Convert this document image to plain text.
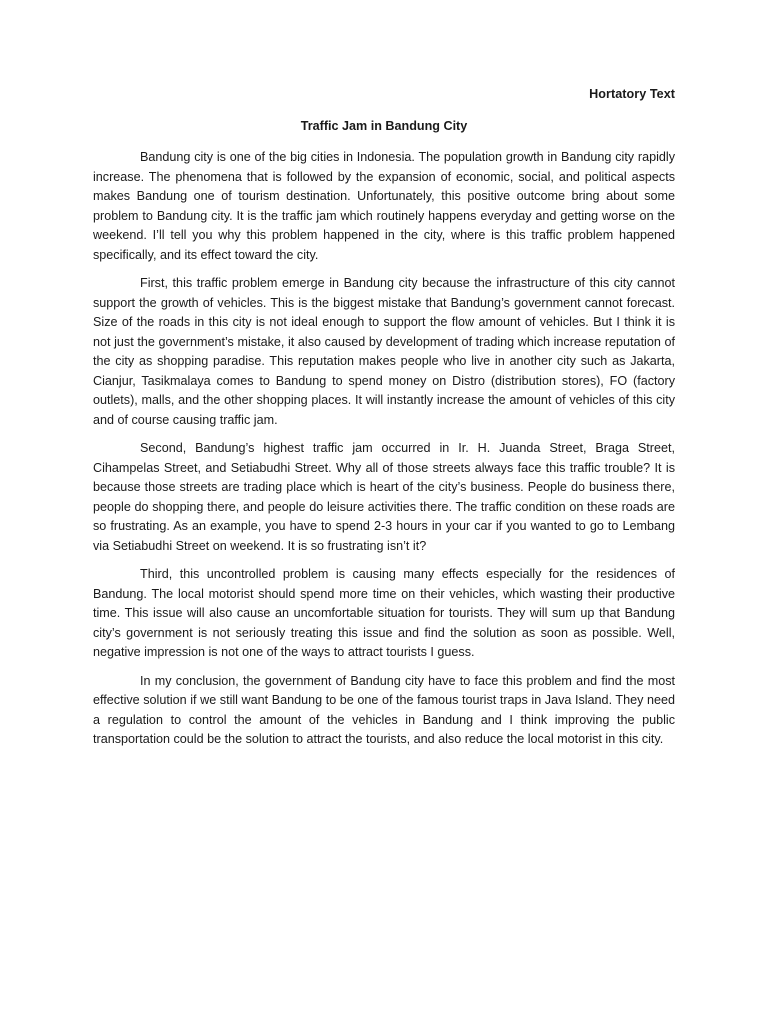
Hortatory Text
Traffic Jam in Bandung City

Bandung city is one of the big cities in Indonesia. The population growth in Bandung city rapidly increase. The phenomena that is followed by the expansion of economic, social, and political aspects makes Bandung one of tourism destination. Unfortunately, this positive outcome bring about some problem to Bandung city. It is the traffic jam which routinely happens everyday and getting worse on the weekend. I’ll tell you why this problem happened in the city, where is this traffic problem happened specifically, and its effect toward the city.

First, this traffic problem emerge in Bandung city because the infrastructure of this city cannot support the growth of vehicles. This is the biggest mistake that Bandung’s government cannot forecast. Size of the roads in this city is not ideal enough to support the flow amount of vehicles. But I think it is not just the government’s mistake, it also caused by development of trading which increase reputation of the city as shopping paradise. This reputation makes people who live in another city such as Jakarta, Cianjur, Tasikmalaya comes to Bandung to spend money on Distro (distribution stores), FO (factory outlets), malls, and the other shopping places. It will instantly increase the amount of vehicles of this city and of course causing traffic jam.

Second, Bandung’s highest traffic jam occurred in Ir. H. Juanda Street, Braga Street, Cihampelas Street, and Setiabudhi Street. Why all of those streets always face this traffic trouble? It is because those streets are trading place which is heart of the city’s business. People do business there, people do shopping there, and people do leisure activities there. The traffic condition on these roads are so frustrating. As an example, you have to spend 2-3 hours in your car if you wanted to go to Lembang via Setiabudhi Street on weekend. It is so frustrating isn’t it?

Third, this uncontrolled problem is causing many effects especially for the residences of Bandung. The local motorist should spend more time on their vehicles, which wasting their productive time. This issue will also cause an uncomfortable situation for tourists. They will sum up that Bandung city’s government is not seriously treating this issue and find the solution as soon as possible. Well, negative impression is not one of the ways to attract tourists I guess.

In my conclusion, the government of Bandung city have to face this problem and find the most effective solution if we still want Bandung to be one of the famous tourist traps in Java Island. They need a regulation to control the amount of the vehicles in Bandung and I think improving the public transportation could be the solution to attract the tourists, and also reduce the local motorist in this city.
